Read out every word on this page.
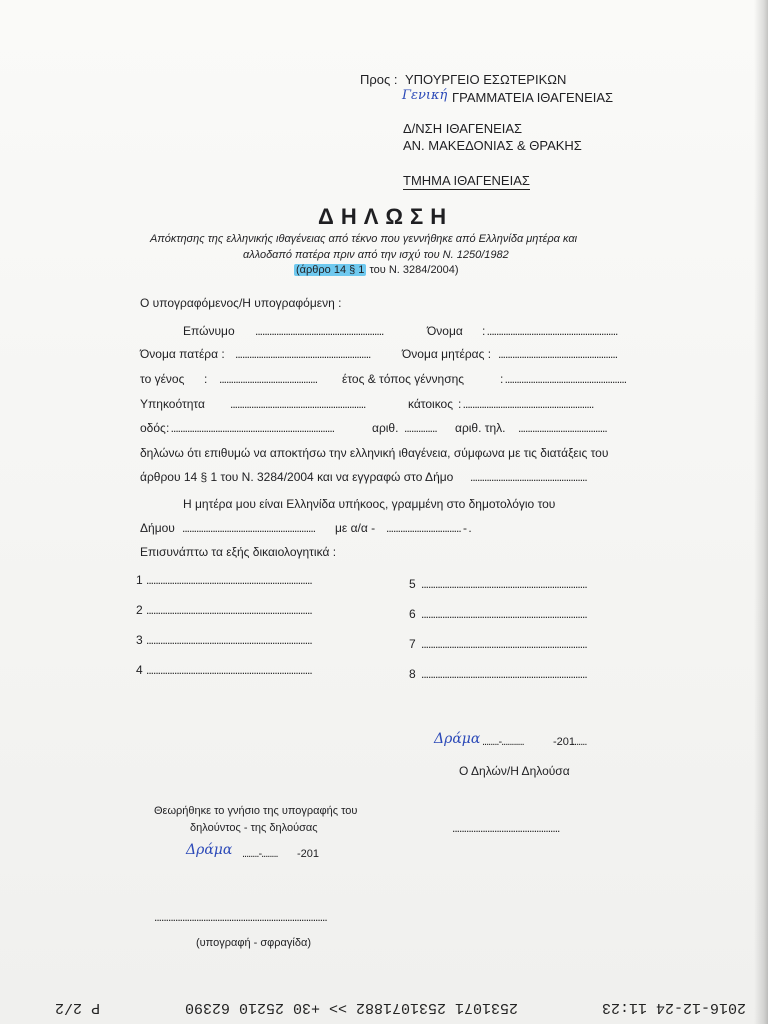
Προς : ΥΠΟΥΡΓΕΙΟ ΕΣΩΤΕΡΙΚΩΝ
Γενική ΓΡΑΜΜΑΤΕΙΑ ΙΘΑΓΕΝΕΙΑΣ
Δ/ΝΣΗ ΙΘΑΓΕΝΕΙΑΣ
ΑΝ. ΜΑΚΕΔΟΝΙΑΣ & ΘΡΑΚΗΣ
ΤΜΗΜΑ ΙΘΑΓΕΝΕΙΑΣ
ΔΗΛΩΣΗ
Απόκτησης της ελληνικής ιθαγένειας από τέκνο που γεννήθηκε από Ελληνίδα μητέρα και
αλλοδαπό πατέρα πριν από την ισχύ του Ν. 1250/1982
(άρθρο 14 § 1 του Ν. 3284/2004)
Ο υπογραφόμενος/Η υπογραφόμενη :
Επώνυμο .......................................................	Όνομα : ........................................................
Όνομα πατέρα : ..........................................................	Όνομα μητέρας : ...................................................
το γένος : .......................................... έτος & τόπος γέννησης	: ....................................................
Υπηκοότητα ..........................................................	κάτοικος : ........................................................
οδός : ......................................................................	αριθ. .............. αριθ. τηλ. ......................................
δηλώνω ότι επιθυμώ να αποκτήσω την ελληνική ιθαγένεια, σύμφωνα με τις διατάξεις του
άρθρου 14 § 1 του Ν. 3284/2004 και να εγγραφώ στο Δήμο ..................................................
Η μητέρα μου είναι Ελληνίδα υπήκοος, γραμμένη στο δημοτολόγιο του
Δήμου ......................................................... με α/α - ................................ - .
Επισυνάπτω τα εξής δικαιολογητικά :
1 .......................................................................
2 .......................................................................
3 .......................................................................
4 .......................................................................
5 .......................................................................
6 .......................................................................
7 .......................................................................
8 .......................................................................
Δράμα ........-...........	-201
.......
Ο Δηλών/Η Δηλούσα
..............................................
Θεωρήθηκε το γνήσιο της υπογραφής του
δηλούντος - της δηλούσας
Δράμα ........-........ -201
..........................................................................
(υπογραφή - σφραγίδα)
2016-12-24 11:23
2531071 2531071882 >> +30 25210 62390
P 2/2
